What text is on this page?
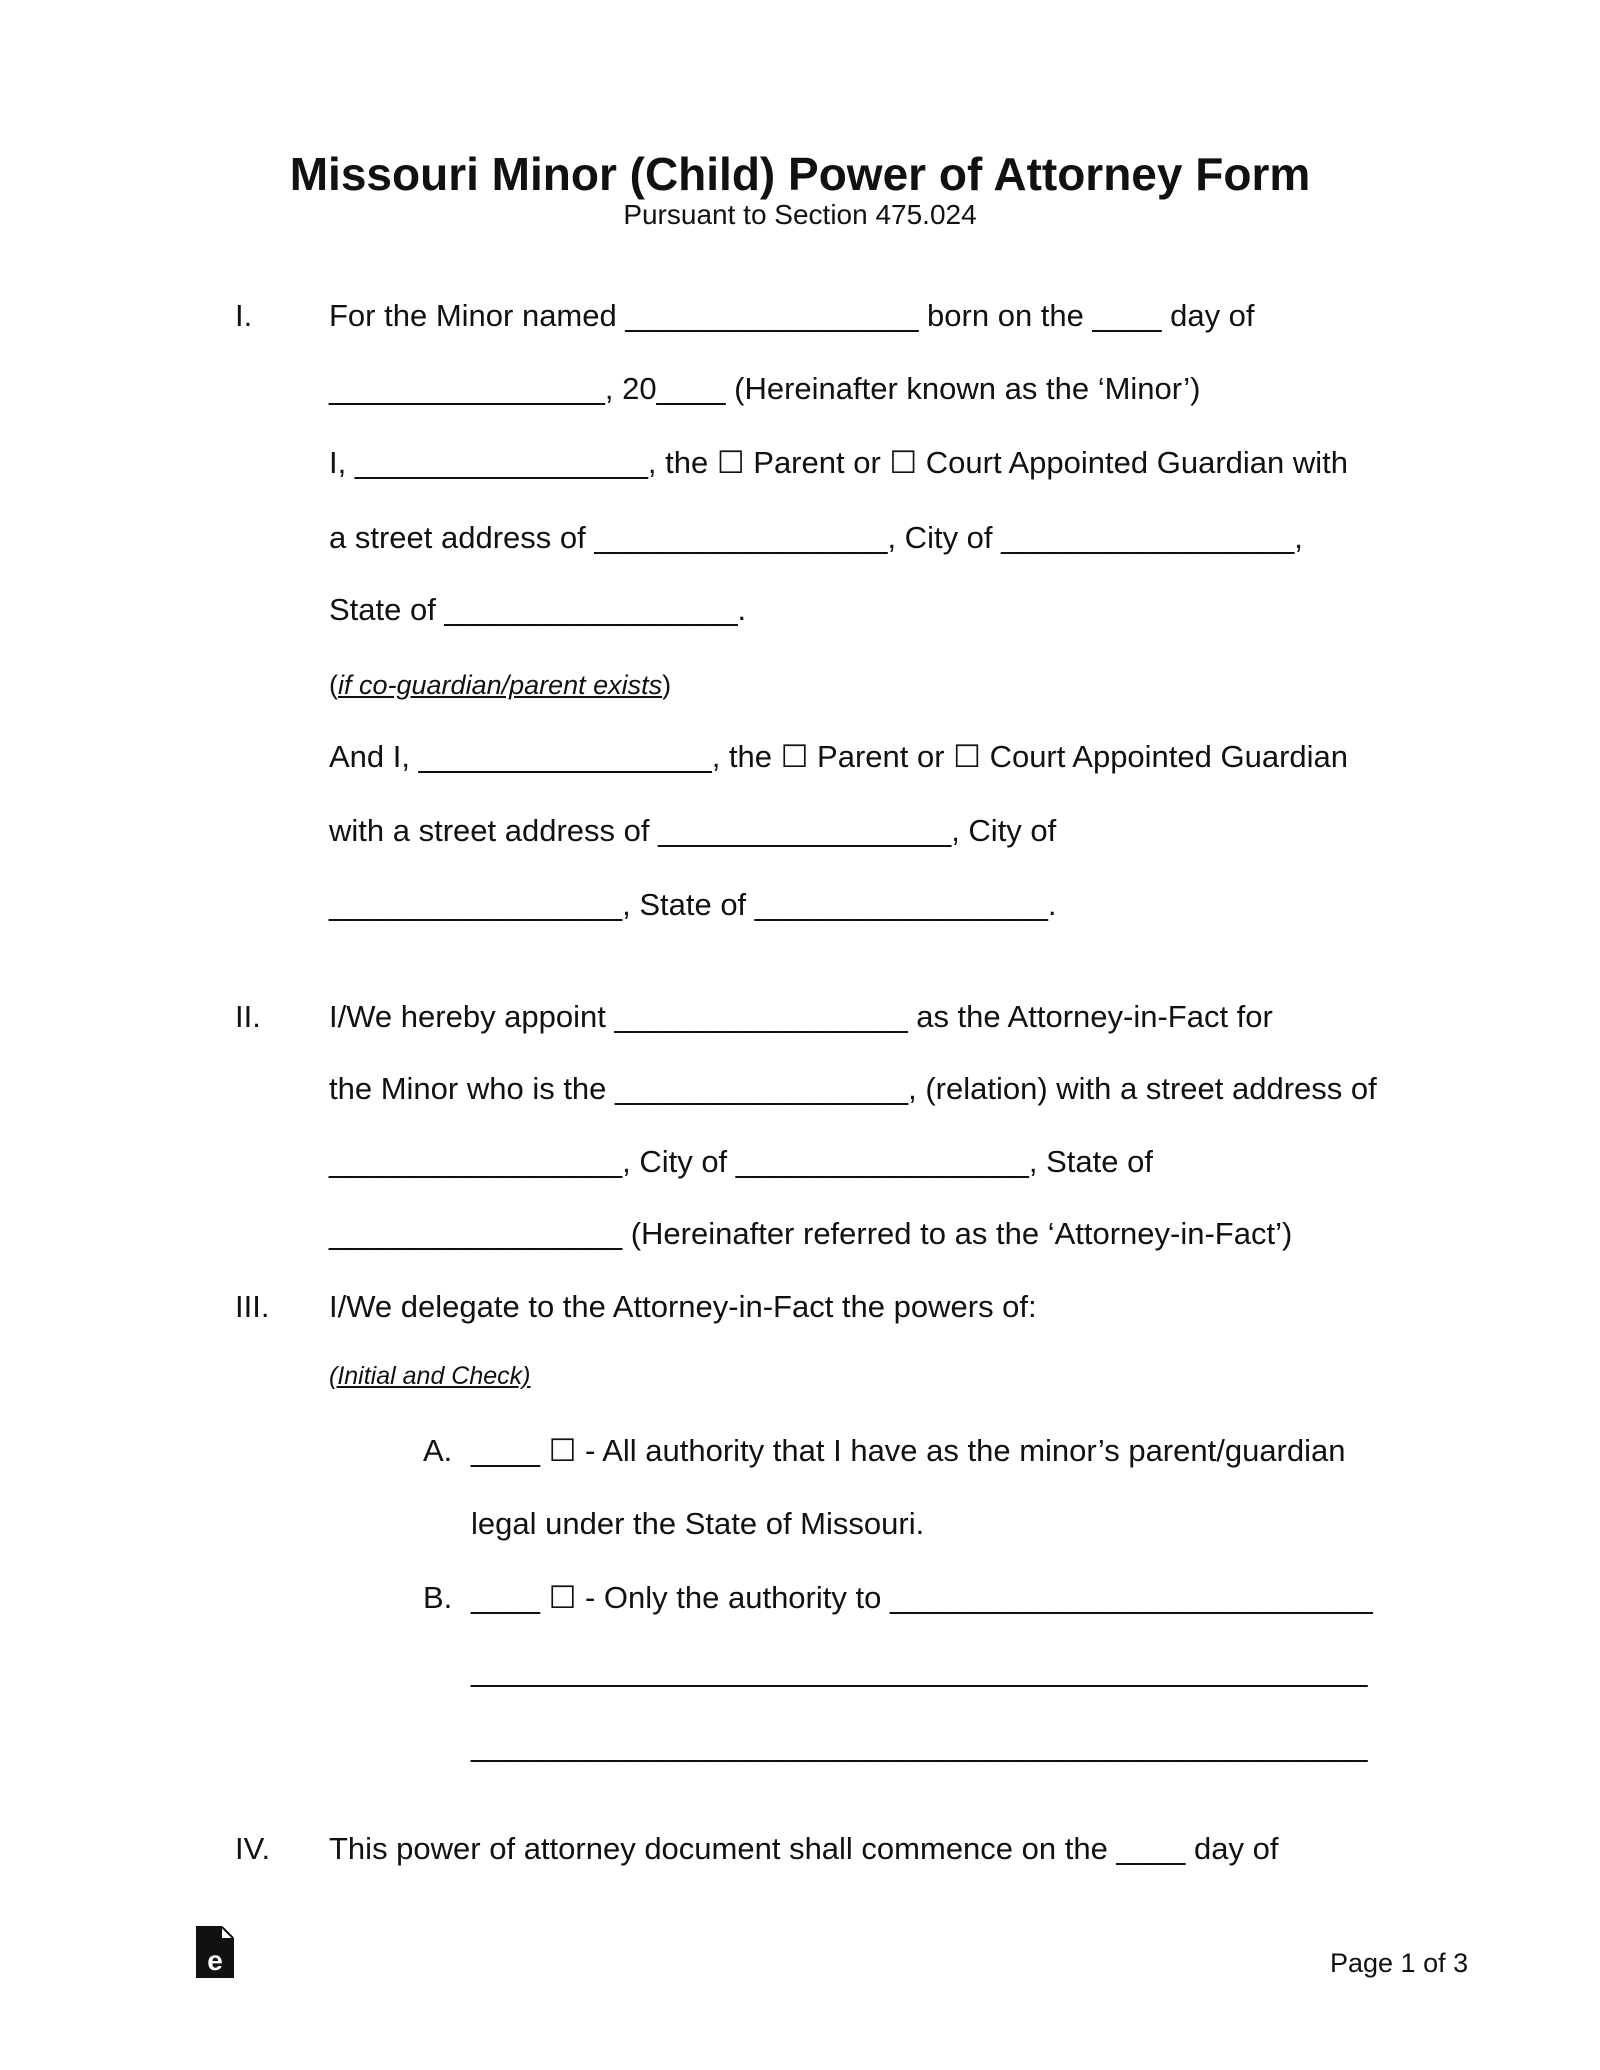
Missouri Minor (Child) Power of Attorney Form
Pursuant to Section 475.024
I. For the Minor named _________________ born on the ____ day of
________________, 20____ (Hereinafter known as the ‘Minor’)
I, _________________, the ☐ Parent or ☐ Court Appointed Guardian with
a street address of _________________, City of _________________,
State of _________________.
(if co-guardian/parent exists)
And I, _________________, the ☐ Parent or ☐ Court Appointed Guardian
with a street address of _________________, City of
_________________, State of _________________.
II. I/We hereby appoint _________________ as the Attorney-in-Fact for
the Minor who is the _________________, (relation) with a street address of
_________________, City of _________________, State of
_________________ (Hereinafter referred to as the ‘Attorney-in-Fact’)
III. I/We delegate to the Attorney-in-Fact the powers of:
(Initial and Check)
A. ____ ☐ - All authority that I have as the minor’s parent/guardian
legal under the State of Missouri.
B. ____ ☐ - Only the authority to ____________________________
____________________________________________________
____________________________________________________
IV. This power of attorney document shall commence on the ____ day of
e	Page 1 of 3
